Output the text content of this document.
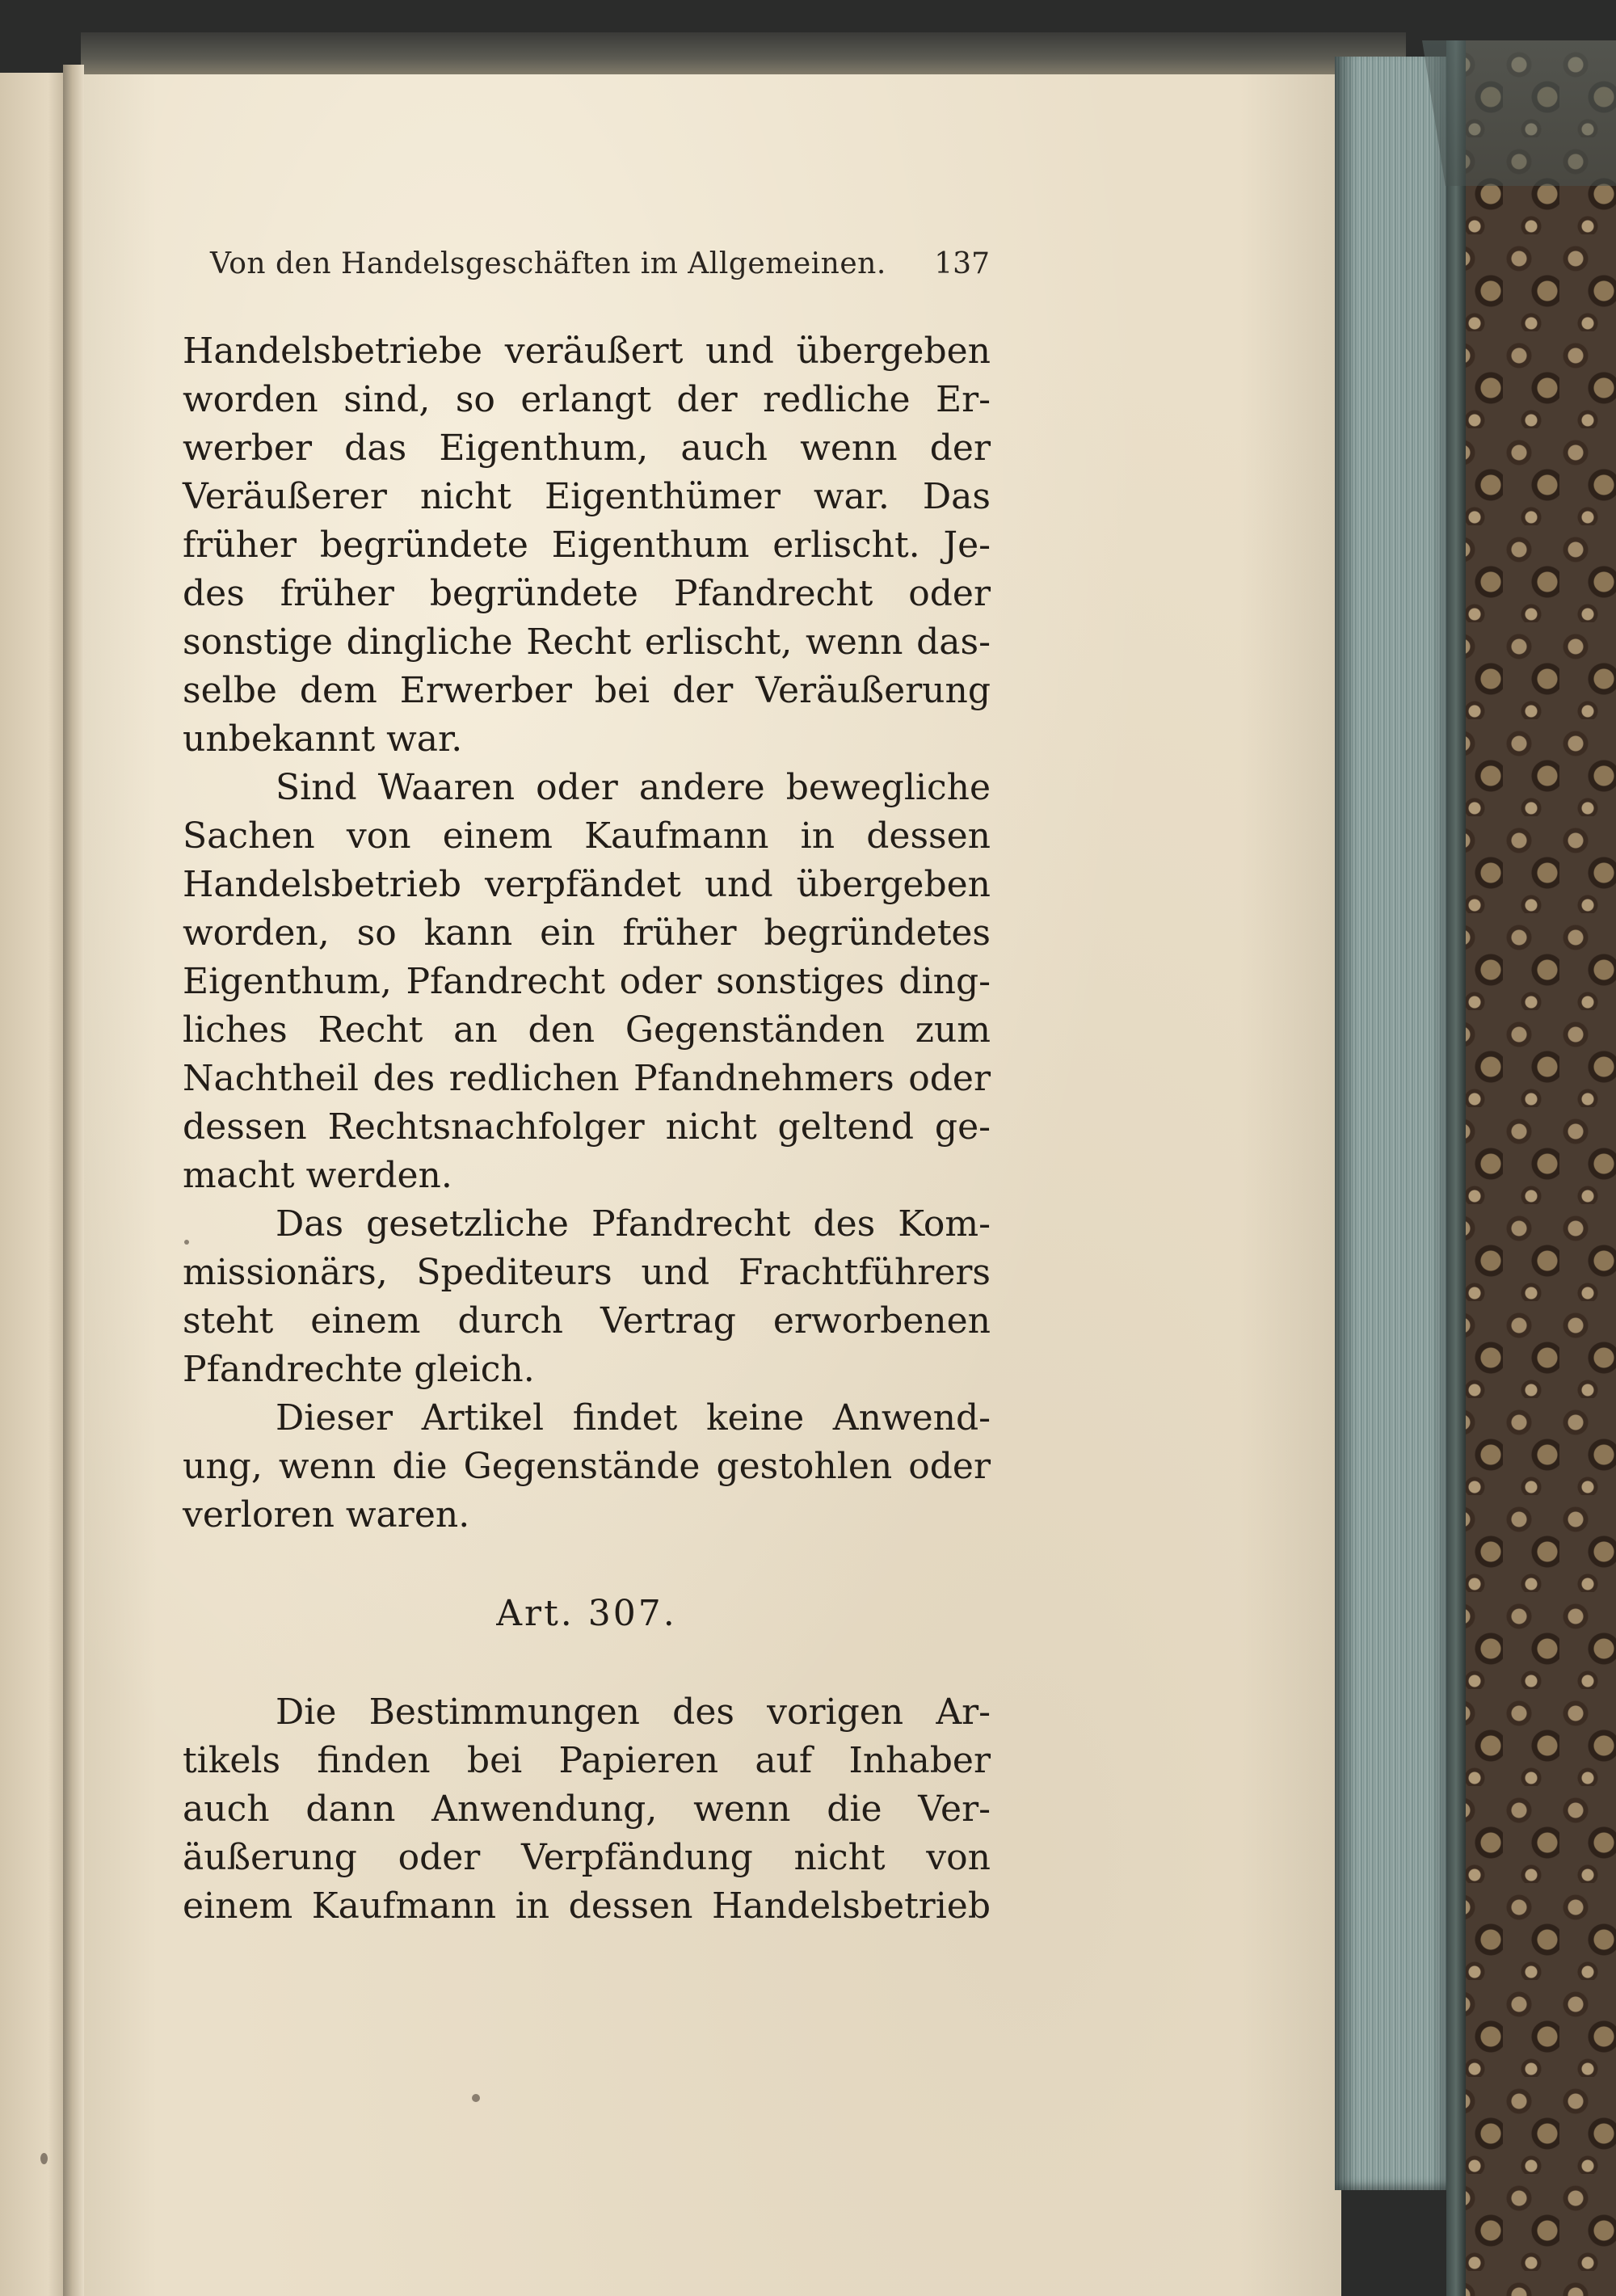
Von den Handelsgeschäften im Allgemeinen. 137
Handelsbetriebe veräußert und übergeben
worden sind, so erlangt der redliche Er-
werber das Eigenthum, auch wenn der
Veräußerer nicht Eigenthümer war. Das
früher begründete Eigenthum erlischt. Je-
des früher begründete Pfandrecht oder
sonstige dingliche Recht erlischt, wenn das-
selbe dem Erwerber bei der Veräußerung
unbekannt war.
Sind Waaren oder andere bewegliche
Sachen von einem Kaufmann in dessen
Handelsbetrieb verpfändet und übergeben
worden, so kann ein früher begründetes
Eigenthum, Pfandrecht oder sonstiges ding-
liches Recht an den Gegenständen zum
Nachtheil des redlichen Pfandnehmers oder
dessen Rechtsnachfolger nicht geltend ge-
macht werden.
Das gesetzliche Pfandrecht des Kom-
missionärs, Spediteurs und Frachtführers
steht einem durch Vertrag erworbenen
Pfandrechte gleich.
Dieser Artikel findet keine Anwend-
ung, wenn die Gegenstände gestohlen oder
verloren waren.
Art. 307.
Die Bestimmungen des vorigen Ar-
tikels finden bei Papieren auf Inhaber
auch dann Anwendung, wenn die Ver-
äußerung oder Verpfändung nicht von
einem Kaufmann in dessen Handelsbetrieb
